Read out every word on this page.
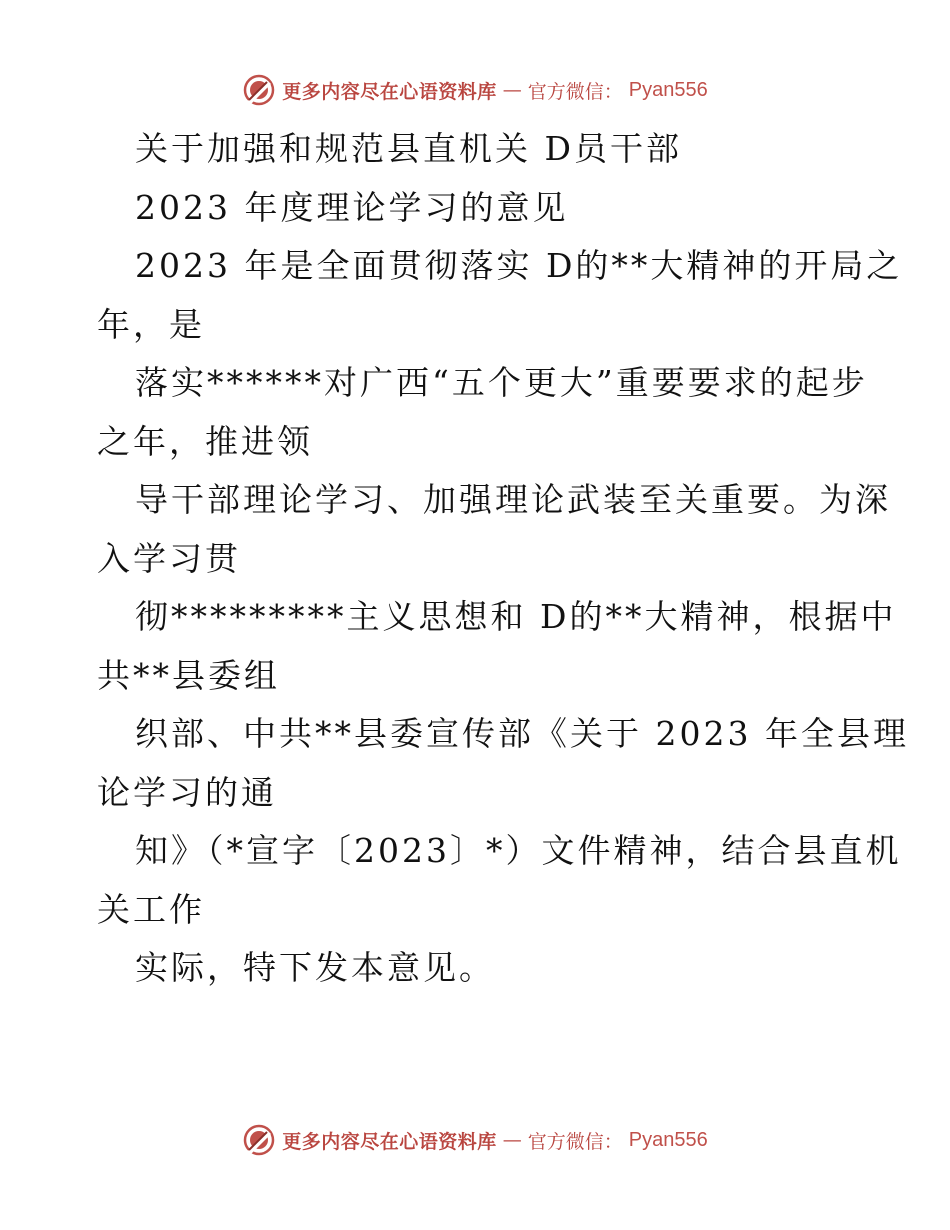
更多内容尽在心语资料库 — 官方微信： Pyan556
关于加强和规范县直机关 D员干部
2023 年度理论学习的意见
2023 年是全面贯彻落实 D的**大精神的开局之
年，是
落实******对广西“五个更大”重要要求的起步
之年，推进领
导干部理论学习、加强理论武装至关重要。为深
入学习贯
彻*********主义思想和 D的**大精神，根据中
共**县委组
织部、中共**县委宣传部《关于 2023 年全县理
论学习的通
知》（*宣字〔2023〕*）文件精神，结合县直机
关工作
实际，特下发本意见。
更多内容尽在心语资料库 — 官方微信： Pyan556
